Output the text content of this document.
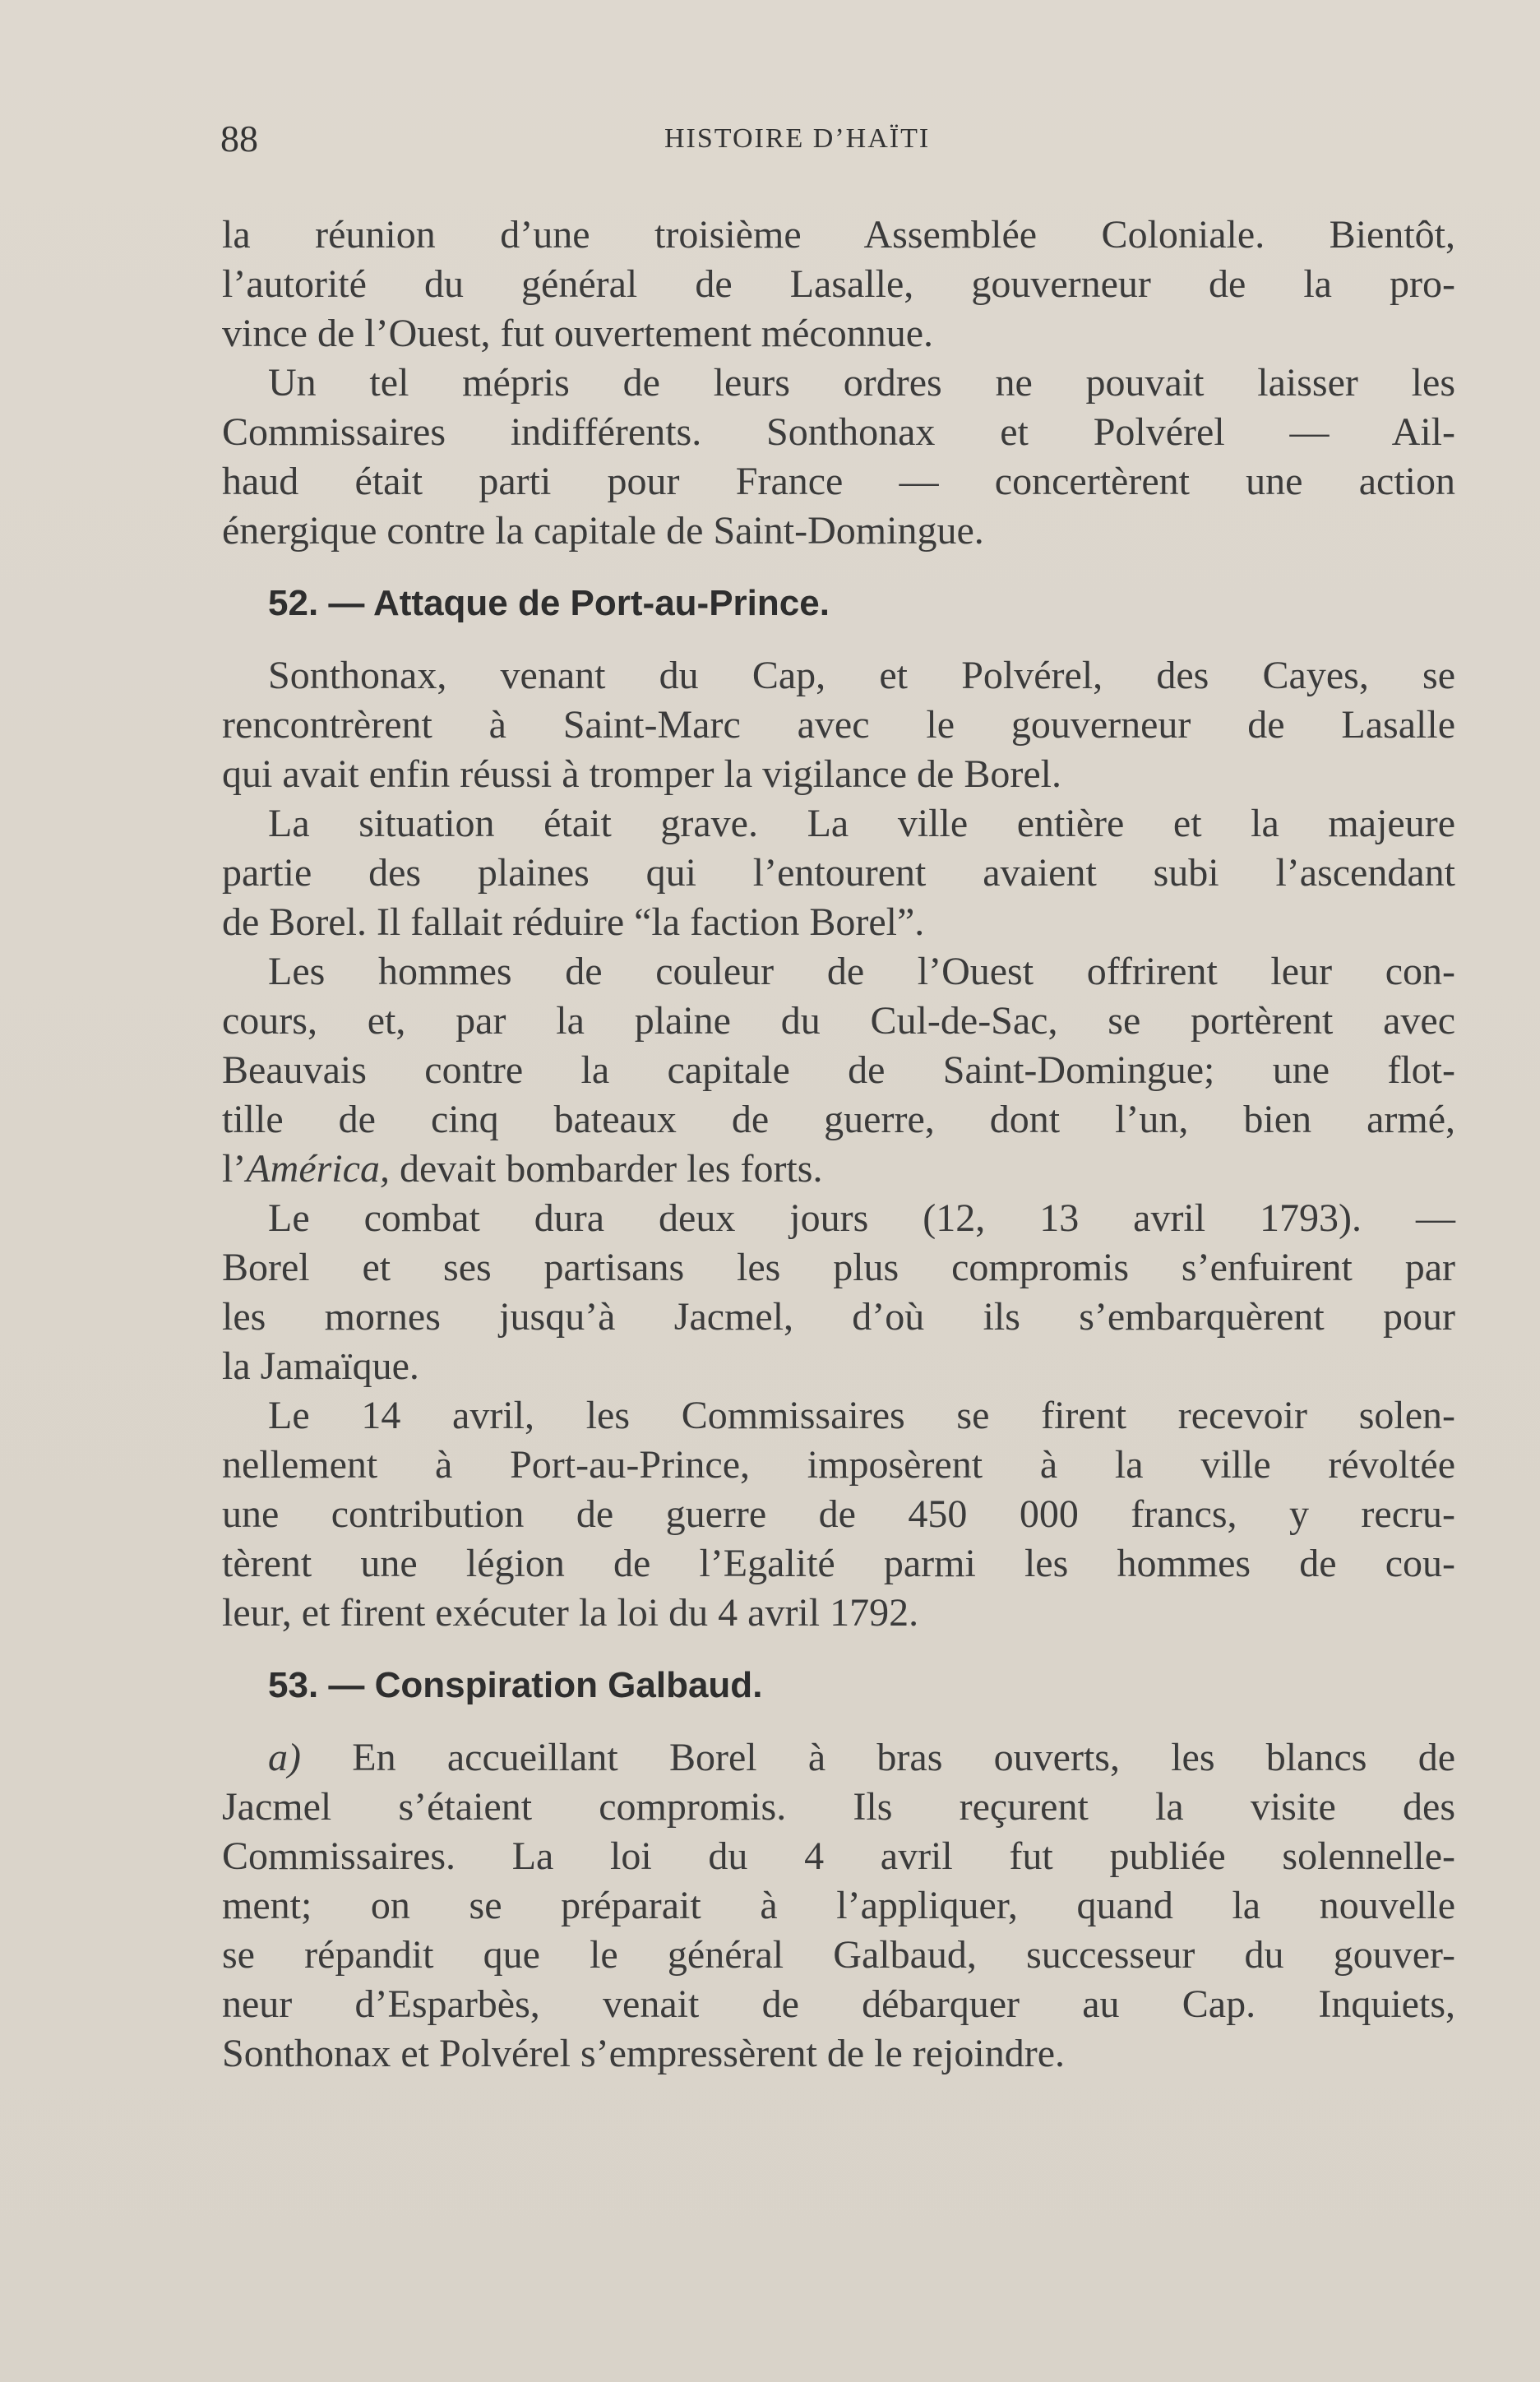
88	HISTOIRE D’HAÏTI
la réunion d’une troisième Assemblée Coloniale. Bientôt,
l’autorité du général de Lasalle, gouverneur de la pro-
vince de l’Ouest, fut ouvertement méconnue.
Un tel mépris de leurs ordres ne pouvait laisser les
Commissaires indifférents. Sonthonax et Polvérel — Ail-
haud était parti pour France — concertèrent une action
énergique contre la capitale de Saint-Domingue.
52. — Attaque de Port-au-Prince.
Sonthonax, venant du Cap, et Polvérel, des Cayes, se
rencontrèrent à Saint-Marc avec le gouverneur de Lasalle
qui avait enfin réussi à tromper la vigilance de Borel.
La situation était grave. La ville entière et la majeure
partie des plaines qui l’entourent avaient subi l’ascendant
de Borel. Il fallait réduire “la faction Borel”.
Les hommes de couleur de l’Ouest offrirent leur con-
cours, et, par la plaine du Cul-de-Sac, se portèrent avec
Beauvais contre la capitale de Saint-Domingue; une flot-
tille de cinq bateaux de guerre, dont l’un, bien armé,
l’América, devait bombarder les forts.
Le combat dura deux jours (12, 13 avril 1793). —
Borel et ses partisans les plus compromis s’enfuirent par
les mornes jusqu’à Jacmel, d’où ils s’embarquèrent pour
la Jamaïque.
Le 14 avril, les Commissaires se firent recevoir solen-
nellement à Port-au-Prince, imposèrent à la ville révoltée
une contribution de guerre de 450 000 francs, y recru-
tèrent une légion de l’Egalité parmi les hommes de cou-
leur, et firent exécuter la loi du 4 avril 1792.
53. — Conspiration Galbaud.
a) En accueillant Borel à bras ouverts, les blancs de
Jacmel s’étaient compromis. Ils reçurent la visite des
Commissaires. La loi du 4 avril fut publiée solennelle-
ment; on se préparait à l’appliquer, quand la nouvelle
se répandit que le général Galbaud, successeur du gouver-
neur d’Esparbès, venait de débarquer au Cap. Inquiets,
Sonthonax et Polvérel s’empressèrent de le rejoindre.
